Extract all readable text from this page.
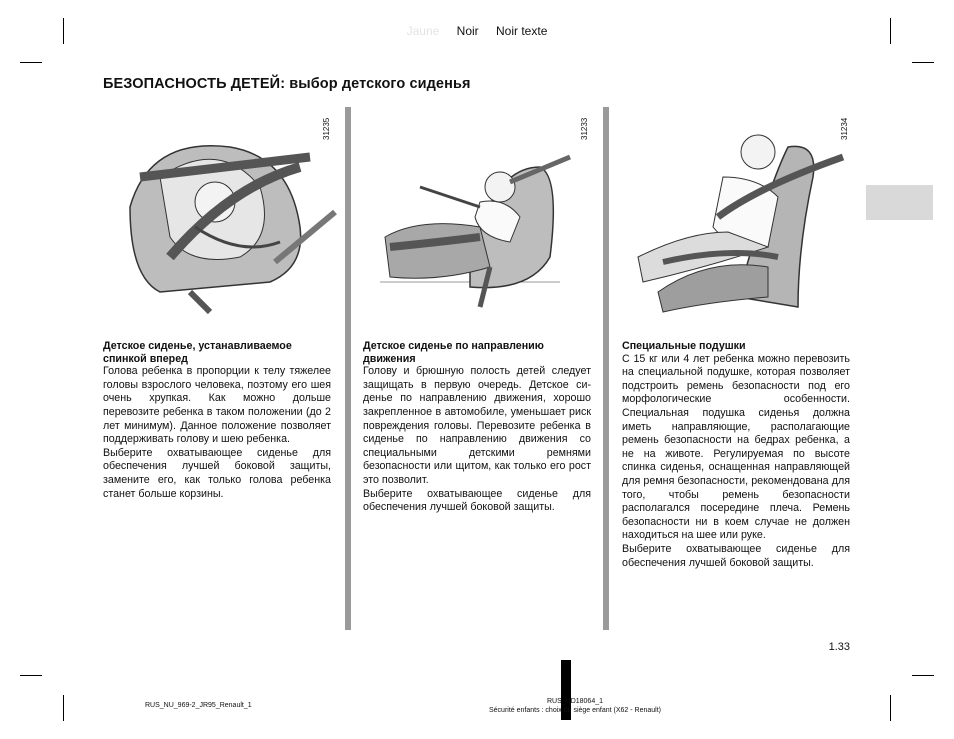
Jaune Noir Noir texte
БЕЗОПАСНОСТЬ ДЕТЕЙ: выбор детского сиденья
31235	31233	31234
Детское сиденье, устанавливаемое спинкой вперед

Голова ребенка в пропорции к телу тяжелее головы взрослого человека, поэтому его шея очень хрупкая. Как можно дольше перевозите ребенка в таком положении (до 2 лет минимум). Данное положение позволяет поддерживать голову и шею ребенка.

Выберите охватывающее сиденье для обеспечения лучшей боковой защиты, замените его, как только голова ребенка станет больше корзины.

Детское сиденье по направлению движения

Голову и брюшную полость детей следует защищать в первую очередь. Детское сиденье по направлению движения, хорошо закрепленное в автомобиле, уменьшает риск повреждения головы. Перевозите ребенка в сиденье по направлению движения со специальными детскими ремнями безопасности или щитом, как только его рост это позволит.

Выберите охватывающее сиденье для обеспечения лучшей боковой защиты.

Специальные подушки

С 15 кг или 4 лет ребенка можно перевозить на специальной подушке, которая позволяет подстроить ремень безопасности под его морфологические особенности. Специальная подушка сиденья должна иметь направляющие, располагающие ремень безопасности на бедрах ребенка, а не на животе. Регулируемая по высоте спинка сиденья, оснащенная направляющей для ремня безопасности, рекомендована для того, чтобы ремень безопасности располагался посередине плеча. Ремень безопасности ни в коем случае не должен находиться на шее или руке.

Выберите охватывающее сиденье для обеспечения лучшей боковой защиты.

1.33
RUS_NU_969-2_JR95_Renault_1
RUS_UD18064_1
Sécurité enfants : choix du siège enfant (X62 - Renault)
